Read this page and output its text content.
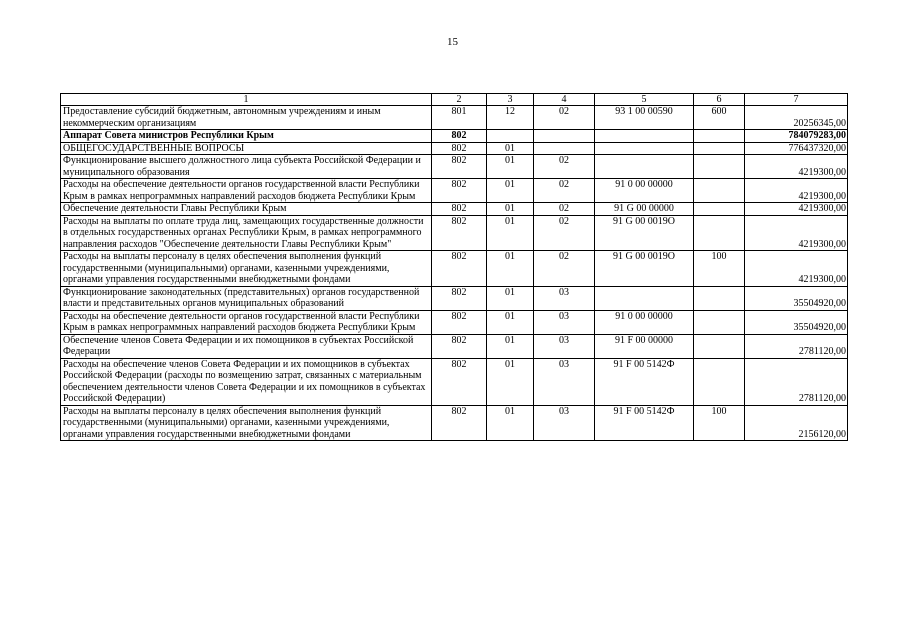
15
1	2	3	4	5	6	7
Предоставление субсидий бюджетным, автономным учреждениям и иным некоммерческим организациям	801	12	02	93 1 00 00590	600	20256345,00
Аппарат Совета министров Республики Крым	802					784079283,00
ОБЩЕГОСУДАРСТВЕННЫЕ ВОПРОСЫ	802	01				776437320,00
Функционирование высшего должностного лица субъекта Российской Федерации и муниципального образования	802	01	02			4219300,00
Расходы на обеспечение деятельности органов государственной власти Республики Крым в рамках непрограммных направлений расходов бюджета Республики Крым	802	01	02	91 0 00 00000		4219300,00
Обеспечение деятельности Главы Республики Крым	802	01	02	91 G 00 00000		4219300,00
Расходы на выплаты по оплате труда лиц, замещающих государственные должности в отдельных государственных органах Республики Крым, в рамках непрограммного направления расходов "Обеспечение деятельности Главы Республики Крым"	802	01	02	91 G 00 0019О		4219300,00
Расходы на выплаты персоналу в целях обеспечения выполнения функций государственными (муниципальными) органами, казенными учреждениями, органами управления государственными внебюджетными фондами	802	01	02	91 G 00 0019О	100	4219300,00
Функционирование законодательных (представительных) органов государственной власти и представительных органов муниципальных образований	802	01	03			35504920,00
Расходы на обеспечение деятельности органов государственной власти Республики Крым в рамках непрограммных направлений расходов бюджета Республики Крым	802	01	03	91 0 00 00000		35504920,00
Обеспечение членов Совета Федерации и их помощников в субъектах Российской Федерации	802	01	03	91 F 00 00000		2781120,00
Расходы на обеспечение членов Совета Федерации и их помощников в субъектах Российской Федерации (расходы по возмещению затрат, связанных с материальным обеспечением деятельности членов Совета Федерации и их помощников в субъектах Российской Федерации)	802	01	03	91 F 00 5142Ф		2781120,00
Расходы на выплаты персоналу в целях обеспечения выполнения функций государственными (муниципальными) органами, казенными учреждениями, органами управления государственными внебюджетными фондами	802	01	03	91 F 00 5142Ф	100	2156120,00
